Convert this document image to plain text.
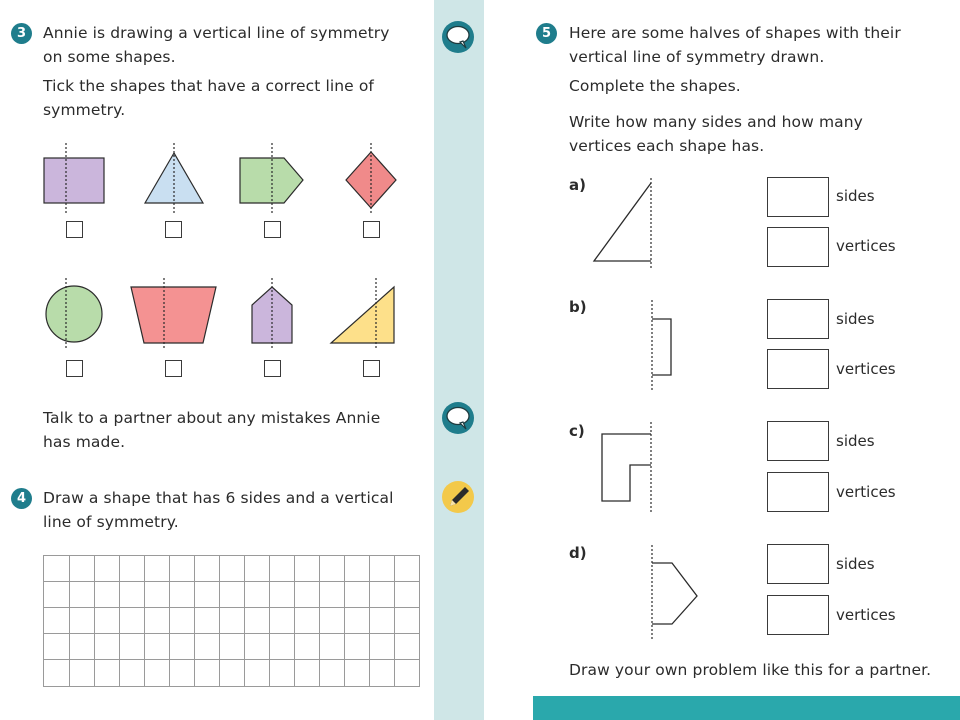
3	Annie is drawing a vertical line of symmetry
on some shapes.
Tick the shapes that have a correct line of
symmetry.
Talk to a partner about any mistakes Annie
has made.
4	Draw a shape that has 6 sides and a vertical
line of symmetry.
5	Here are some halves of shapes with their
vertical line of symmetry drawn.
Complete the shapes.
Write how many sides and how many
vertices each shape has.
a)
sides
vertices
b)
sides
vertices
c)
sides
vertices
d)
sides
vertices
Draw your own problem like this for a partner.
